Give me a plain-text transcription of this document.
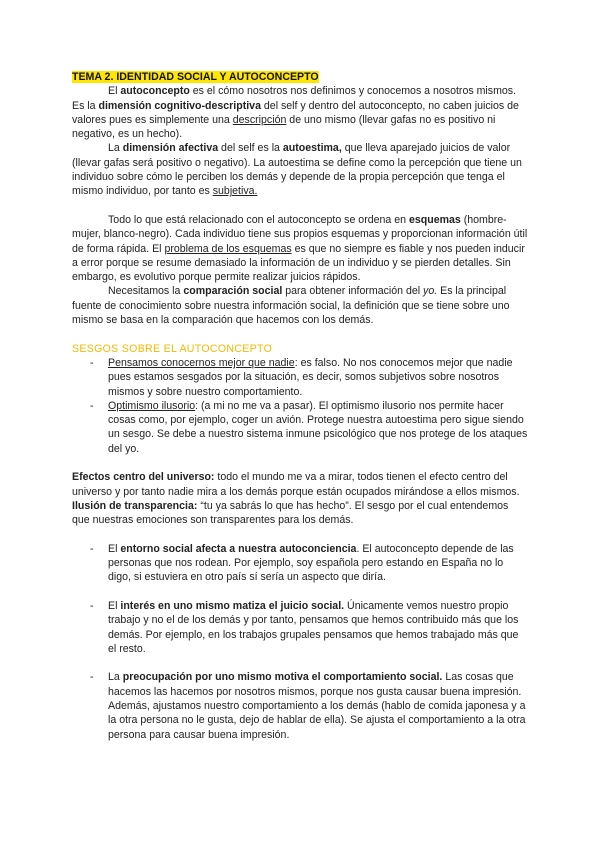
TEMA 2. IDENTIDAD SOCIAL Y AUTOCONCEPTO

El autoconcepto es el cómo nosotros nos definimos y conocemos a nosotros mismos. Es la dimensión cognitivo-descriptiva del self y dentro del autoconcepto, no caben juicios de valores pues es simplemente una descripción de uno mismo (llevar gafas no es positivo ni negativo, es un hecho).

La dimensión afectiva del self es la autoestima, que lleva aparejado juicios de valor (llevar gafas será positivo o negativo). La autoestima se define como la percepción que tiene un individuo sobre cómo le perciben los demás y depende de la propia percepción que tenga el mismo individuo, por tanto es subjetiva.

Todo lo que está relacionado con el autoconcepto se ordena en esquemas (hombre-mujer, blanco-negro). Cada individuo tiene sus propios esquemas y proporcionan información útil de forma rápida. El problema de los esquemas es que no siempre es fiable y nos pueden inducir a error porque se resume demasiado la información de un individuo y se pierden detalles. Sin embargo, es evolutivo porque permite realizar juicios rápidos.

Necesitamos la comparación social para obtener información del yo. Es la principal fuente de conocimiento sobre nuestra información social, la definición que se tiene sobre uno mismo se basa en la comparación que hacemos con los demás.

SESGOS SOBRE EL AUTOCONCEPTO

- Pensamos conocernos mejor que nadie: es falso. No nos conocemos mejor que nadie pues estamos sesgados por la situación, es decir, somos subjetivos sobre nosotros mismos y sobre nuestro comportamiento.
- Optimismo ilusorio: (a mi no me va a pasar). El optimismo ilusorio nos permite hacer cosas como, por ejemplo, coger un avión. Protege nuestra autoestima pero sigue siendo un sesgo. Se debe a nuestro sistema inmune psicológico que nos protege de los ataques del yo.

Efectos centro del universo: todo el mundo me va a mirar, todos tienen el efecto centro del universo y por tanto nadie mira a los demás porque están ocupados mirándose a ellos mismos.

Ilusión de transparencia: “tu ya sabrás lo que has hecho”. El sesgo por el cual entendemos que nuestras emociones son transparentes para los demás.

- El entorno social afecta a nuestra autoconciencia. El autoconcepto depende de las personas que nos rodean. Por ejemplo, soy española pero estando en España no lo digo, si estuviera en otro país sí sería un aspecto que diría.
- El interés en uno mismo matiza el juicio social. Únicamente vemos nuestro propio trabajo y no el de los demás y por tanto, pensamos que hemos contribuido más que los demás. Por ejemplo, en los trabajos grupales pensamos que hemos trabajado más que el resto.
- La preocupación por uno mismo motiva el comportamiento social. Las cosas que hacemos las hacemos por nosotros mismos, porque nos gusta causar buena impresión. Además, ajustamos nuestro comportamiento a los demás (hablo de comida japonesa y a la otra persona no le gusta, dejo de hablar de ella). Se ajusta el comportamiento a la otra persona para causar buena impresión.
